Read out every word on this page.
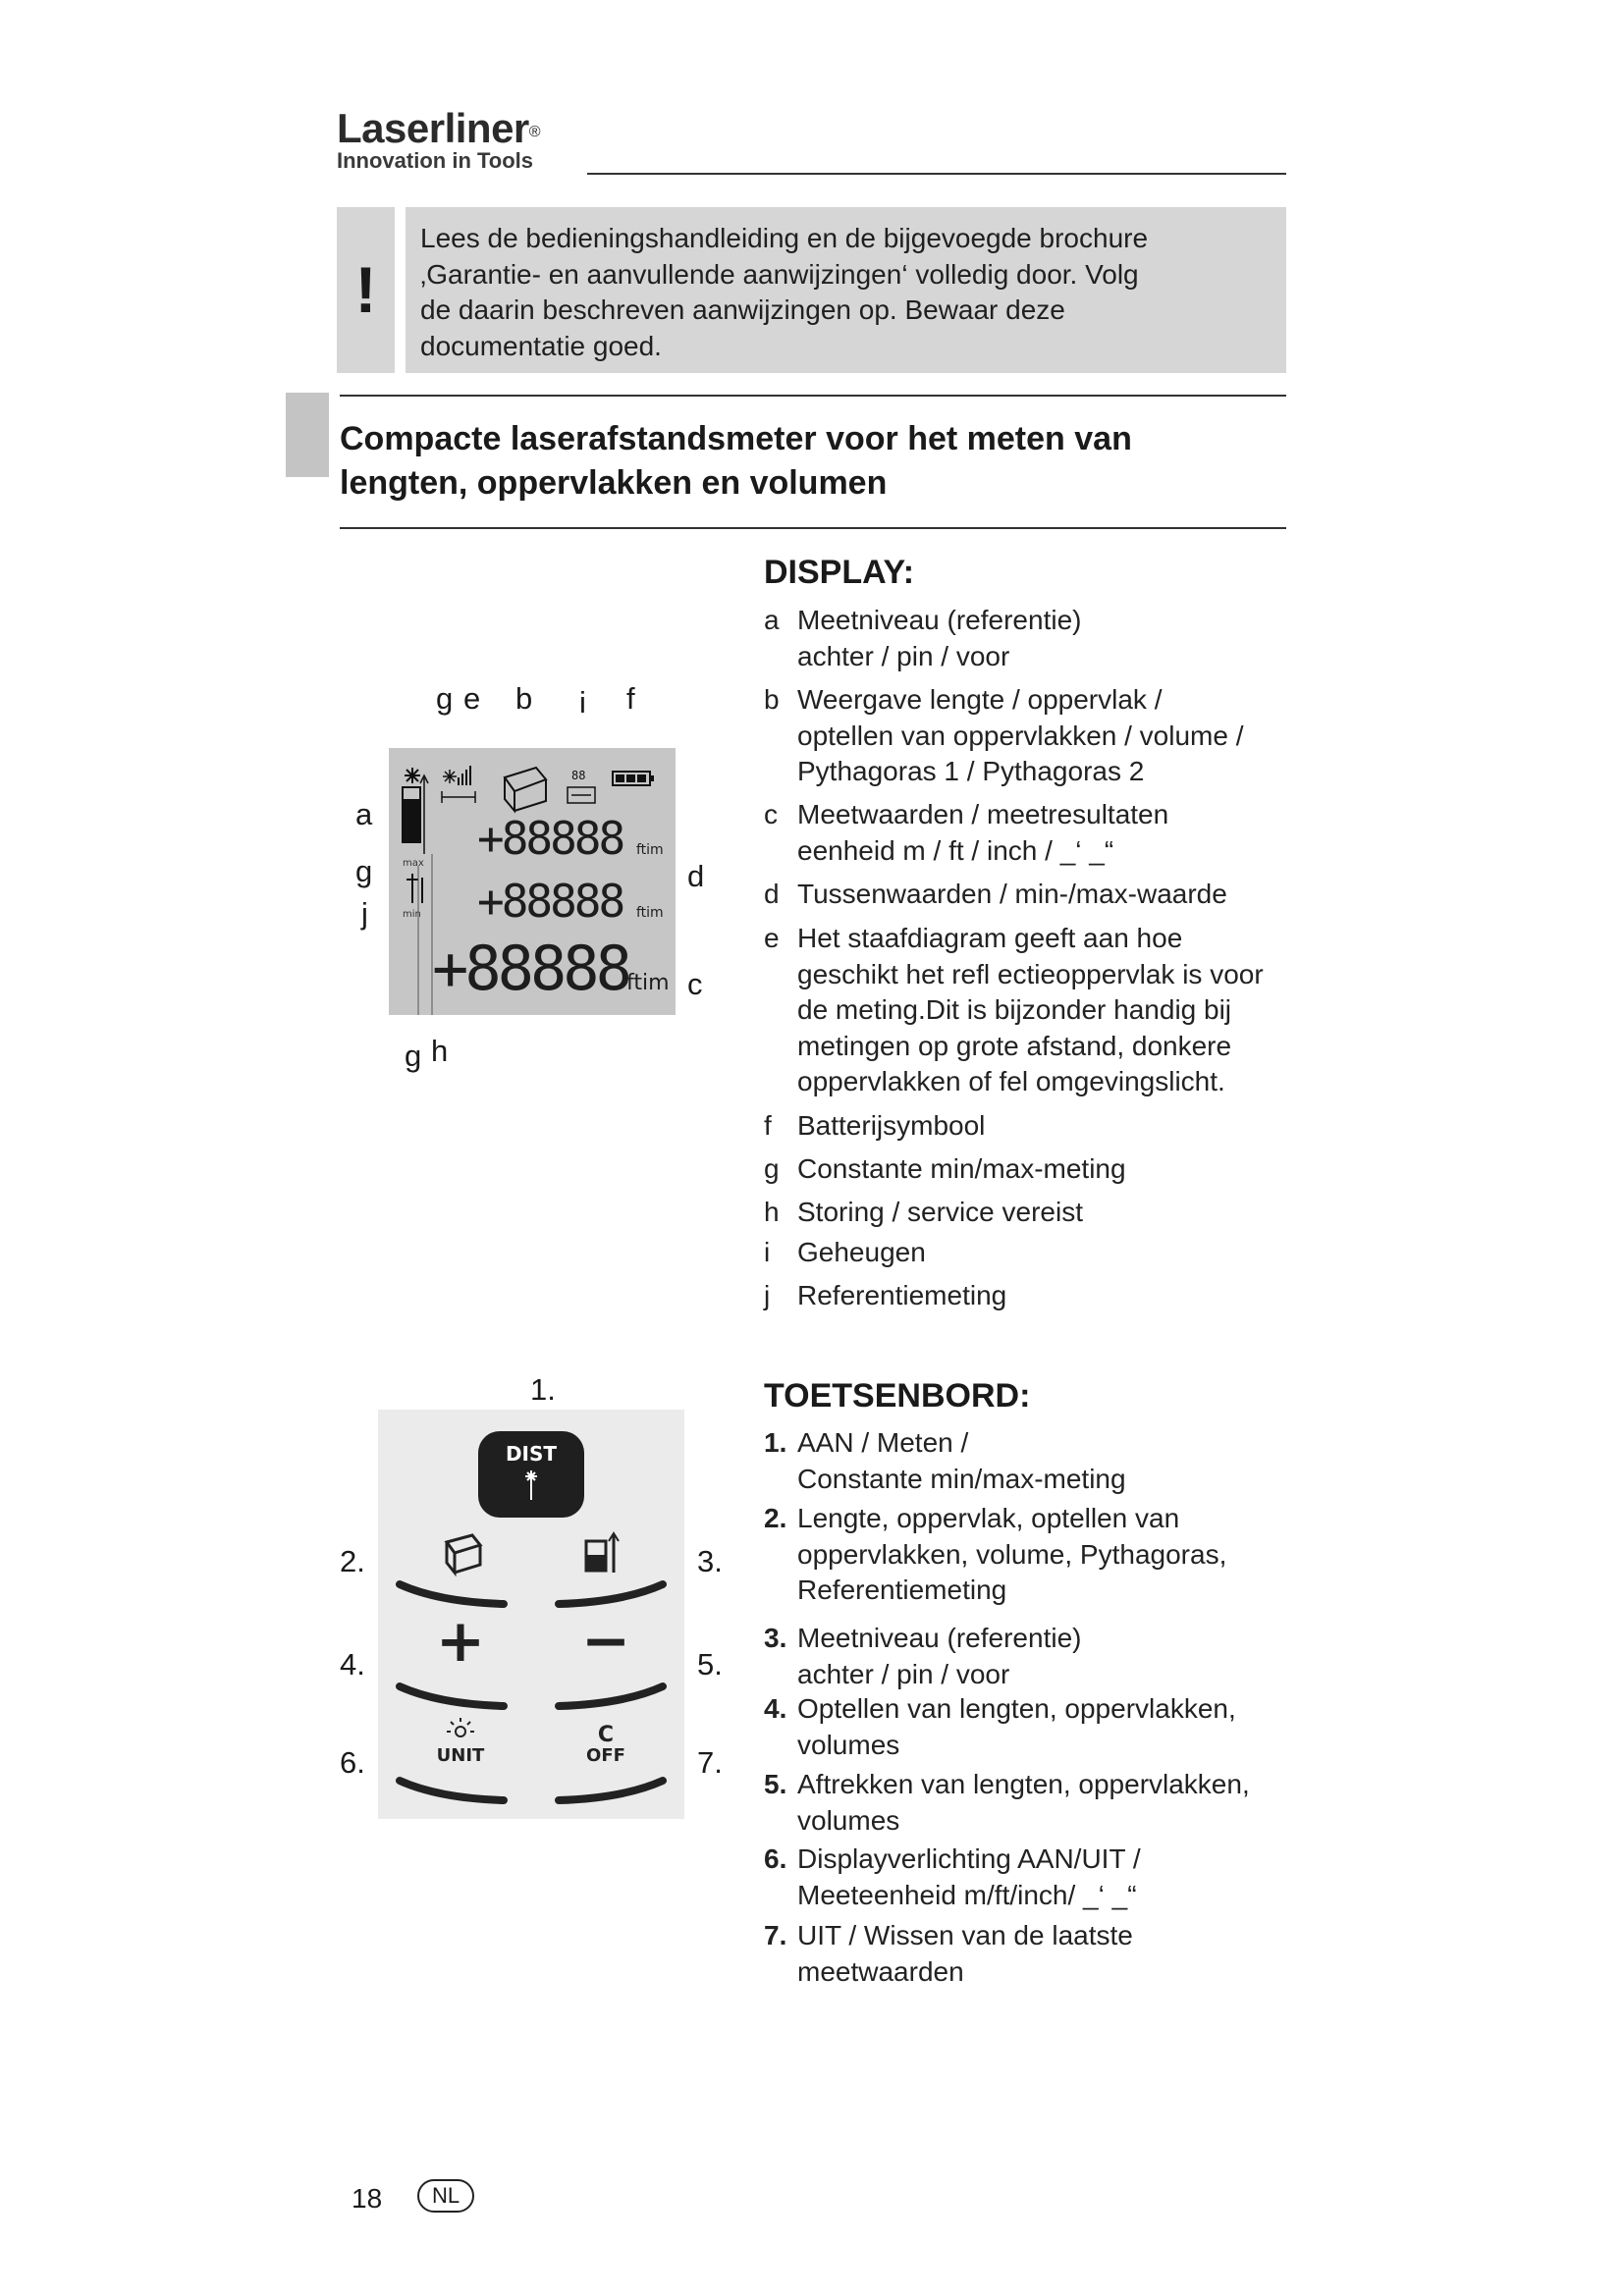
Laserliner®
Innovation in Tools
!

Lees de bedieningshandleiding en de bijgevoegde brochure

‚Garantie- en aanvullende aanwijzingen‘ volledig door. Volg

de daarin beschreven aanwijzingen op. Bewaar deze

documentatie goed.

Compacte laserafstandsmeter voor het meten van
lengten, oppervlakken en volumen
DISPLAY:
a Meetniveau (referentie)
achter / pin / voor
b Weergave lengte / oppervlak /
optellen van oppervlakken / volume /
Pythagoras 1 / Pythagoras 2
c Meetwaarden / meetresultaten
eenheid m / ft / inch / _‘ _“
d Tussenwaarden / min-/max-waarde
e Het staafdiagram geeft aan hoe
geschikt het refl ectieoppervlak is voor
de meting.Dit is bijzonder handig bij
metingen op grote afstand, donkere
oppervlakken of fel omgevingslicht.
f Batterijsymbool
g Constante min/max-meting
h Storing / service vereist
i Geheugen
j Referentiemeting
g e b i f
a
g
j
d
c
g h
88
max
min
+88888 ftim
+88888 ftim
+88888
ftim
TOETSENBORD:
1. AAN / Meten /
Constante min/max-meting
2. Lengte, oppervlak, optellen van
oppervlakken, volume, Pythagoras,
Referentiemeting
3. Meetniveau (referentie)
achter / pin / voor
4. Optellen van lengten, oppervlakken,
volumes
5. Aftrekken van lengten, oppervlakken,
volumes
6. Displayverlichting AAN/UIT /
Meeteenheid m/ft/inch/ _‘ _“
7. UIT / Wissen van de laatste meetwaarden
1.
2.	3.
4.	5.
6.	7.
DIST
+ −
UNIT
C
OFF
18	NL
